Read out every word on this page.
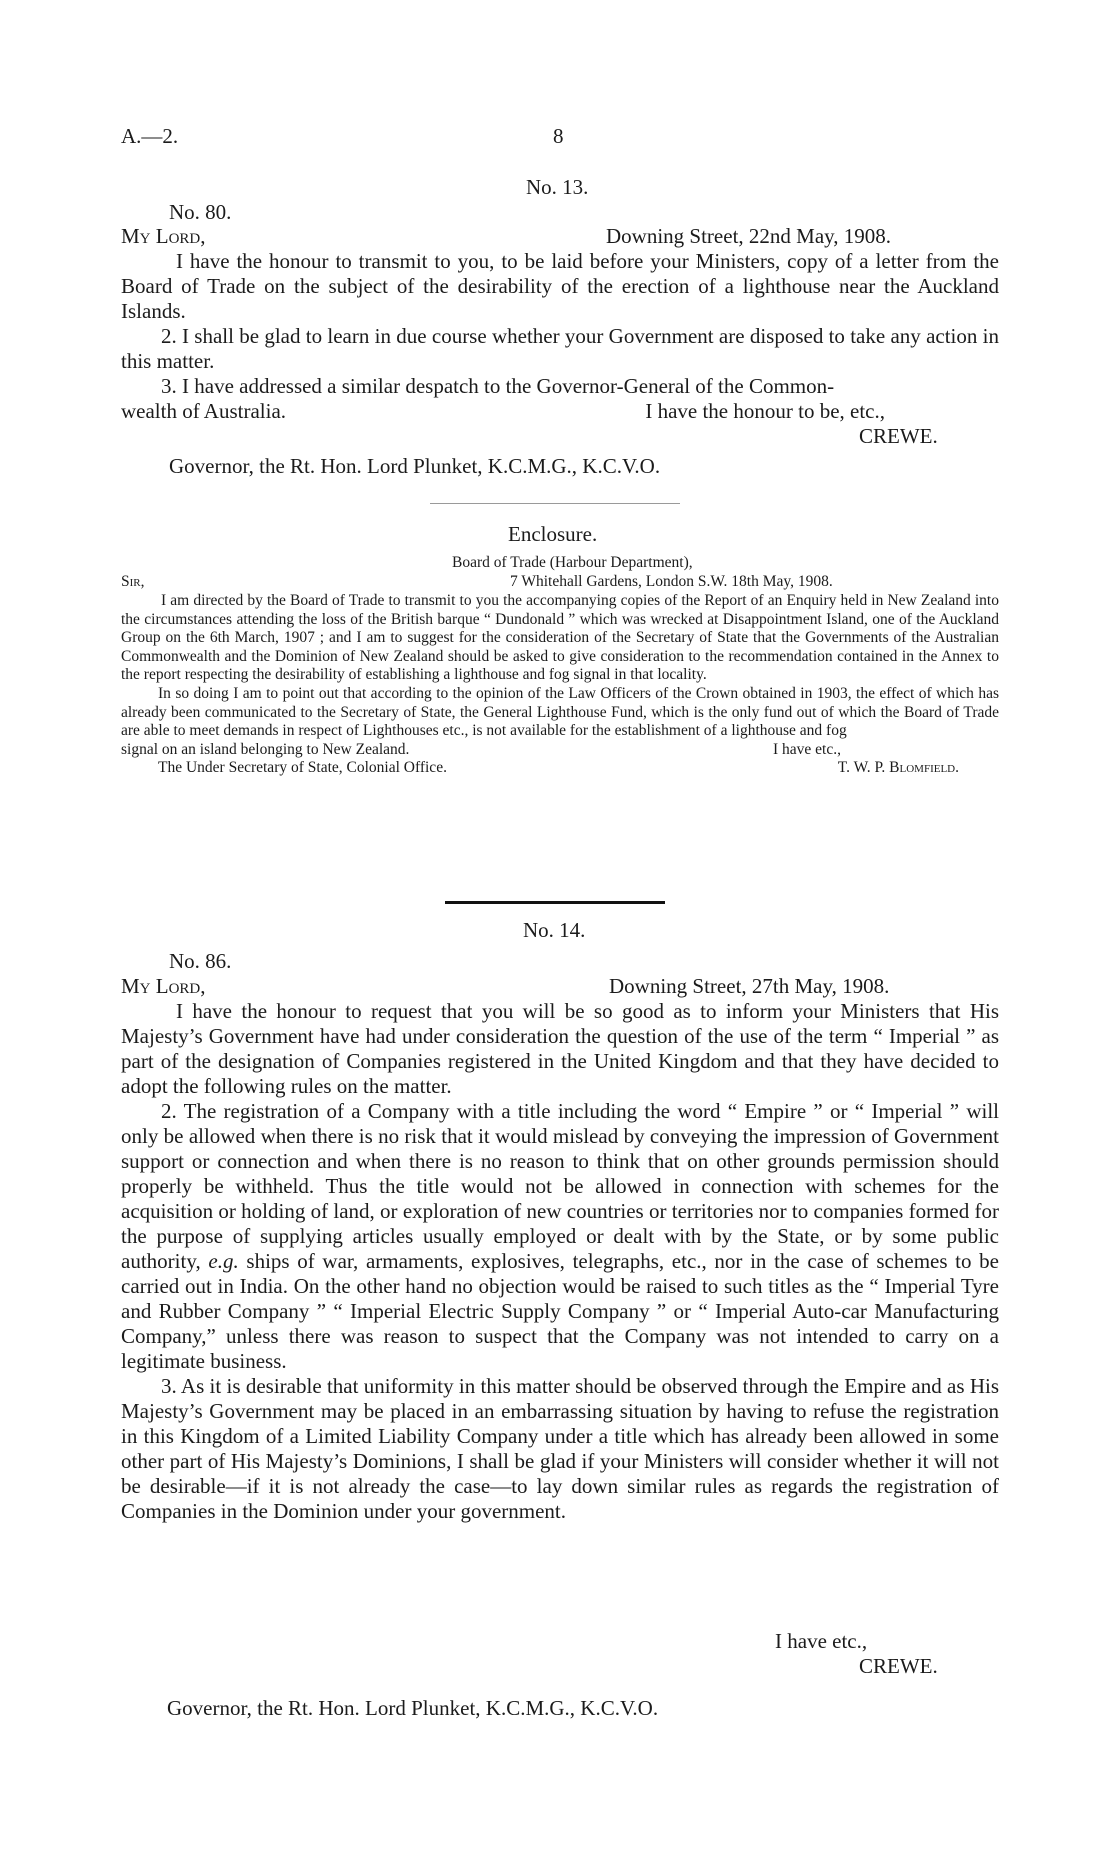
A.—2.	8
No. 13.
No. 80.
My Lord,	Downing Street, 22nd May, 1908.

I have the honour to transmit to you, to be laid before your Ministers, copy of a letter from the Board of Trade on the subject of the desirability of the erection of a lighthouse near the Auckland Islands.

2. I shall be glad to learn in due course whether your Government are disposed to take any action in this matter.

3. I have addressed a similar despatch to the Governor-General of the Common-

wealth of Australia.	I have the honour to be, etc.,
CREWE.
Governor, the Rt. Hon. Lord Plunket, K.C.M.G., K.C.V.O.
Enclosure.
Board of Trade (Harbour Department),
Sir,	7 Whitehall Gardens, London S.W. 18th May, 1908.

I am directed by the Board of Trade to transmit to you the accompanying copies of the Report of an Enquiry held in New Zealand into the circumstances attending the loss of the British barque “ Dundonald ” which was wrecked at Disappointment Island, one of the Auckland Group on the 6th March, 1907 ; and I am to suggest for the consideration of the Secretary of State that the Governments of the Australian Commonwealth and the Dominion of New Zealand should be asked to give consideration to the recommendation contained in the Annex to the report respecting the desirability of establishing a lighthouse and fog signal in that locality.

In so doing I am to point out that according to the opinion of the Law Officers of the Crown obtained in 1903, the effect of which has already been communicated to the Secretary of State, the General Lighthouse Fund, which is the only fund out of which the Board of Trade are able to meet demands in respect of Lighthouses etc., is not available for the establishment of a lighthouse and fog

signal on an island belonging to New Zealand.	I have etc.,
The Under Secretary of State, Colonial Office.	T. W. P. Blomfield.
No. 14.
No. 86.
My Lord,	Downing Street, 27th May, 1908.

I have the honour to request that you will be so good as to inform your Ministers that His Majesty’s Government have had under consideration the question of the use of the term “ Imperial ” as part of the designation of Companies registered in the United Kingdom and that they have decided to adopt the following rules on the matter.

2. The registration of a Company with a title including the word “ Empire ” or “ Imperial ” will only be allowed when there is no risk that it would mislead by conveying the impression of Government support or connection and when there is no reason to think that on other grounds permission should properly be withheld. Thus the title would not be allowed in connection with schemes for the acquisition or holding of land, or exploration of new countries or territories nor to companies formed for the purpose of supplying articles usually employed or dealt with by the State, or by some public authority, e.g. ships of war, armaments, explosives, telegraphs, etc., nor in the case of schemes to be carried out in India. On the other hand no objection would be raised to such titles as the “ Imperial Tyre and Rubber Company ” “ Imperial Electric Supply Company ” or “ Imperial Auto-car Manufacturing Company,” unless there was reason to suspect that the Company was not intended to carry on a legitimate business.

3. As it is desirable that uniformity in this matter should be observed through the Empire and as His Majesty’s Government may be placed in an embarrassing situation by having to refuse the registration in this Kingdom of a Limited Liability Company under a title which has already been allowed in some other part of His Majesty’s Dominions, I shall be glad if your Ministers will consider whether it will not be desirable—if it is not already the case—to lay down similar rules as regards the registration of Companies in the Dominion under your government.

I have etc.,
CREWE.
Governor, the Rt. Hon. Lord Plunket, K.C.M.G., K.C.V.O.
